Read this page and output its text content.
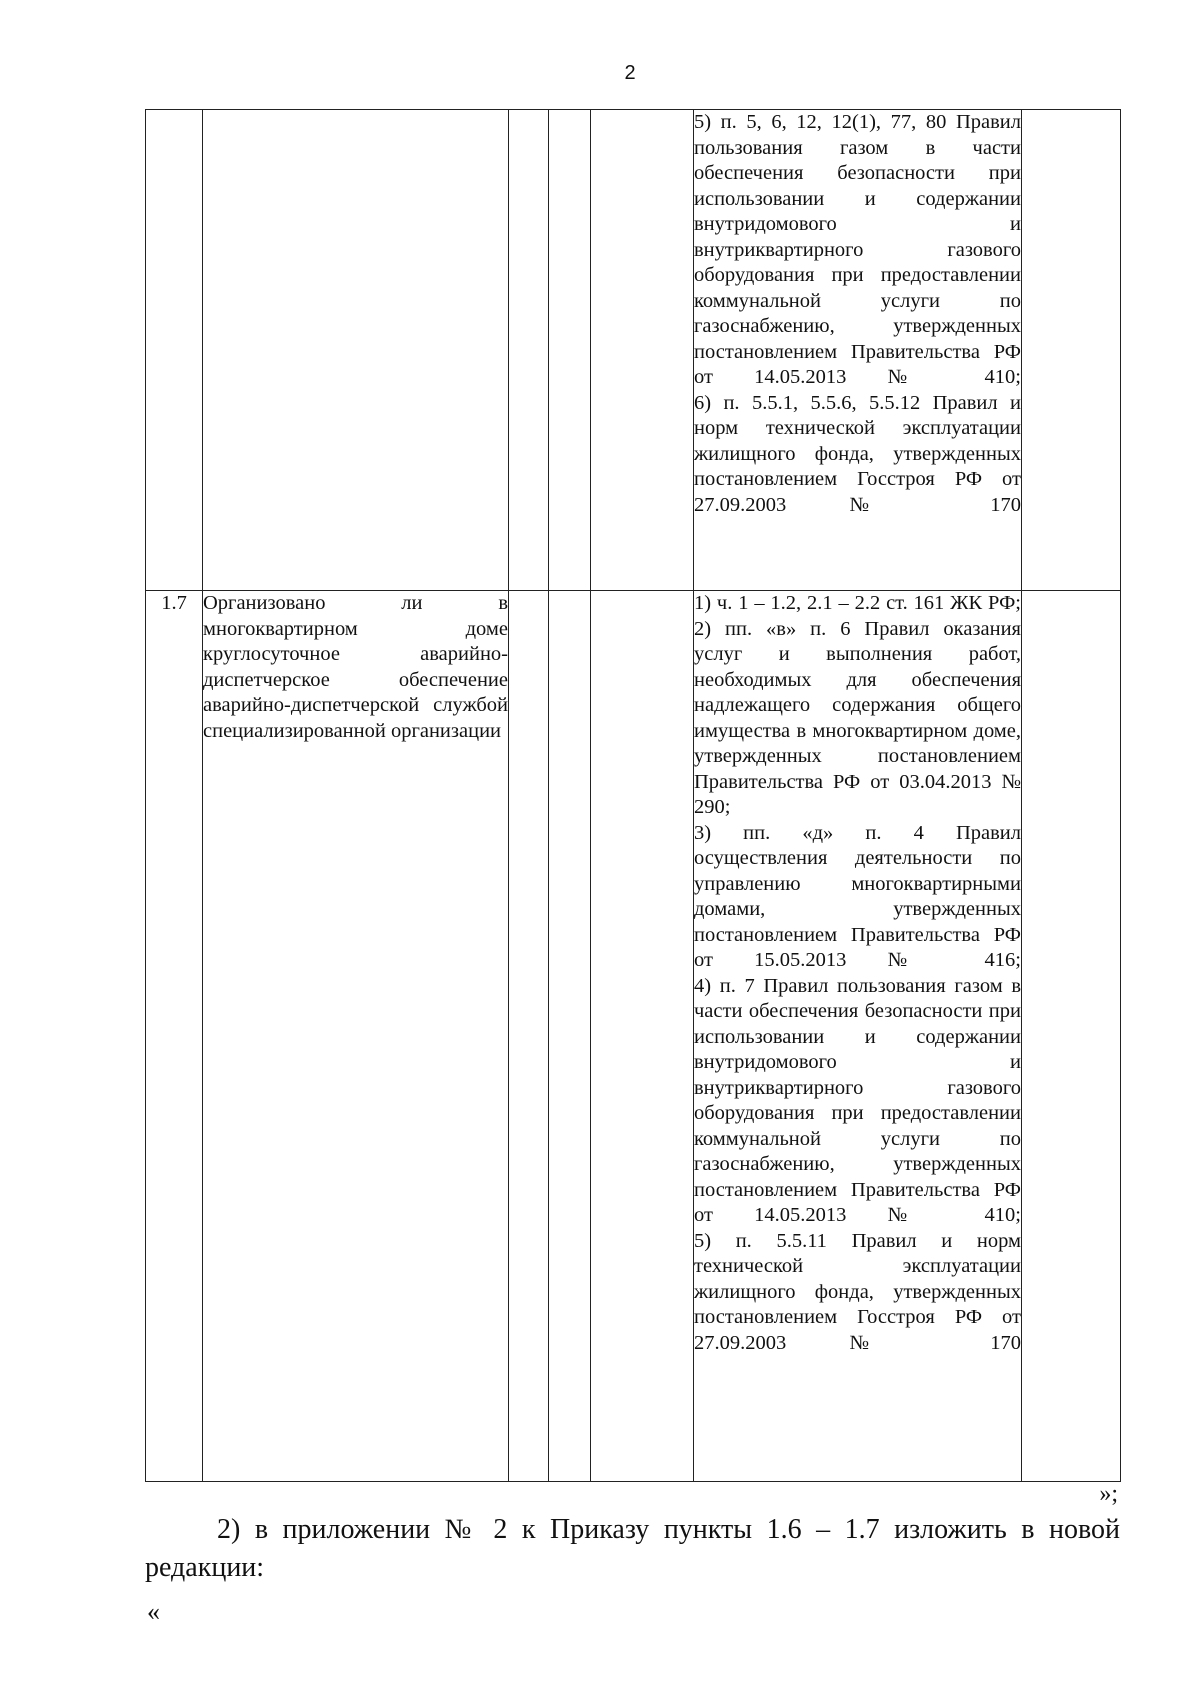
2

					5) п. 5, 6, 12, 12(1), 77, 80 Правил пользования газом в части обеспечения безопасности при использовании и содержании внутридомового и внутриквартирного газового оборудования при предоставлении коммунальной услуги по газоснабжению, утвержденных постановлением Правительства РФ от 14.05.2013 № 410;
6) п. 5.5.1, 5.5.6, 5.5.12 Правил и норм технической эксплуатации жилищного фонда, утвержденных постановлением Госстроя РФ от 27.09.2003 № 170	

1.7	Организовано ли в многоквартирном доме круглосуточное аварийно-диспетчерское обеспечение аварийно-диспетчерской службой специализированной организации				1) ч. 1 – 1.2, 2.1 – 2.2 ст. 161 ЖК РФ;
2) пп. «в» п. 6 Правил оказания услуг и выполнения работ, необходимых для обеспечения надлежащего содержания общего имущества в многоквартирном доме, утвержденных постановлением Правительства РФ от 03.04.2013 № 290;
3) пп. «д» п. 4 Правил осуществления деятельности по управлению многоквартирными домами, утвержденных постановлением Правительства РФ от 15.05.2013 № 416;
4) п. 7 Правил пользования газом в части обеспечения безопасности при использовании и содержании внутридомового и внутриквартирного газового оборудования при предоставлении коммунальной услуги по газоснабжению, утвержденных постановлением Правительства РФ от 14.05.2013 № 410;
5) п. 5.5.11 Правил и норм технической эксплуатации жилищного фонда, утвержденных постановлением Госстроя РФ от 27.09.2003 № 170	

»;
2) в приложении № 2 к Приказу пункты 1.6 – 1.7 изложить в новой редакции:
«
